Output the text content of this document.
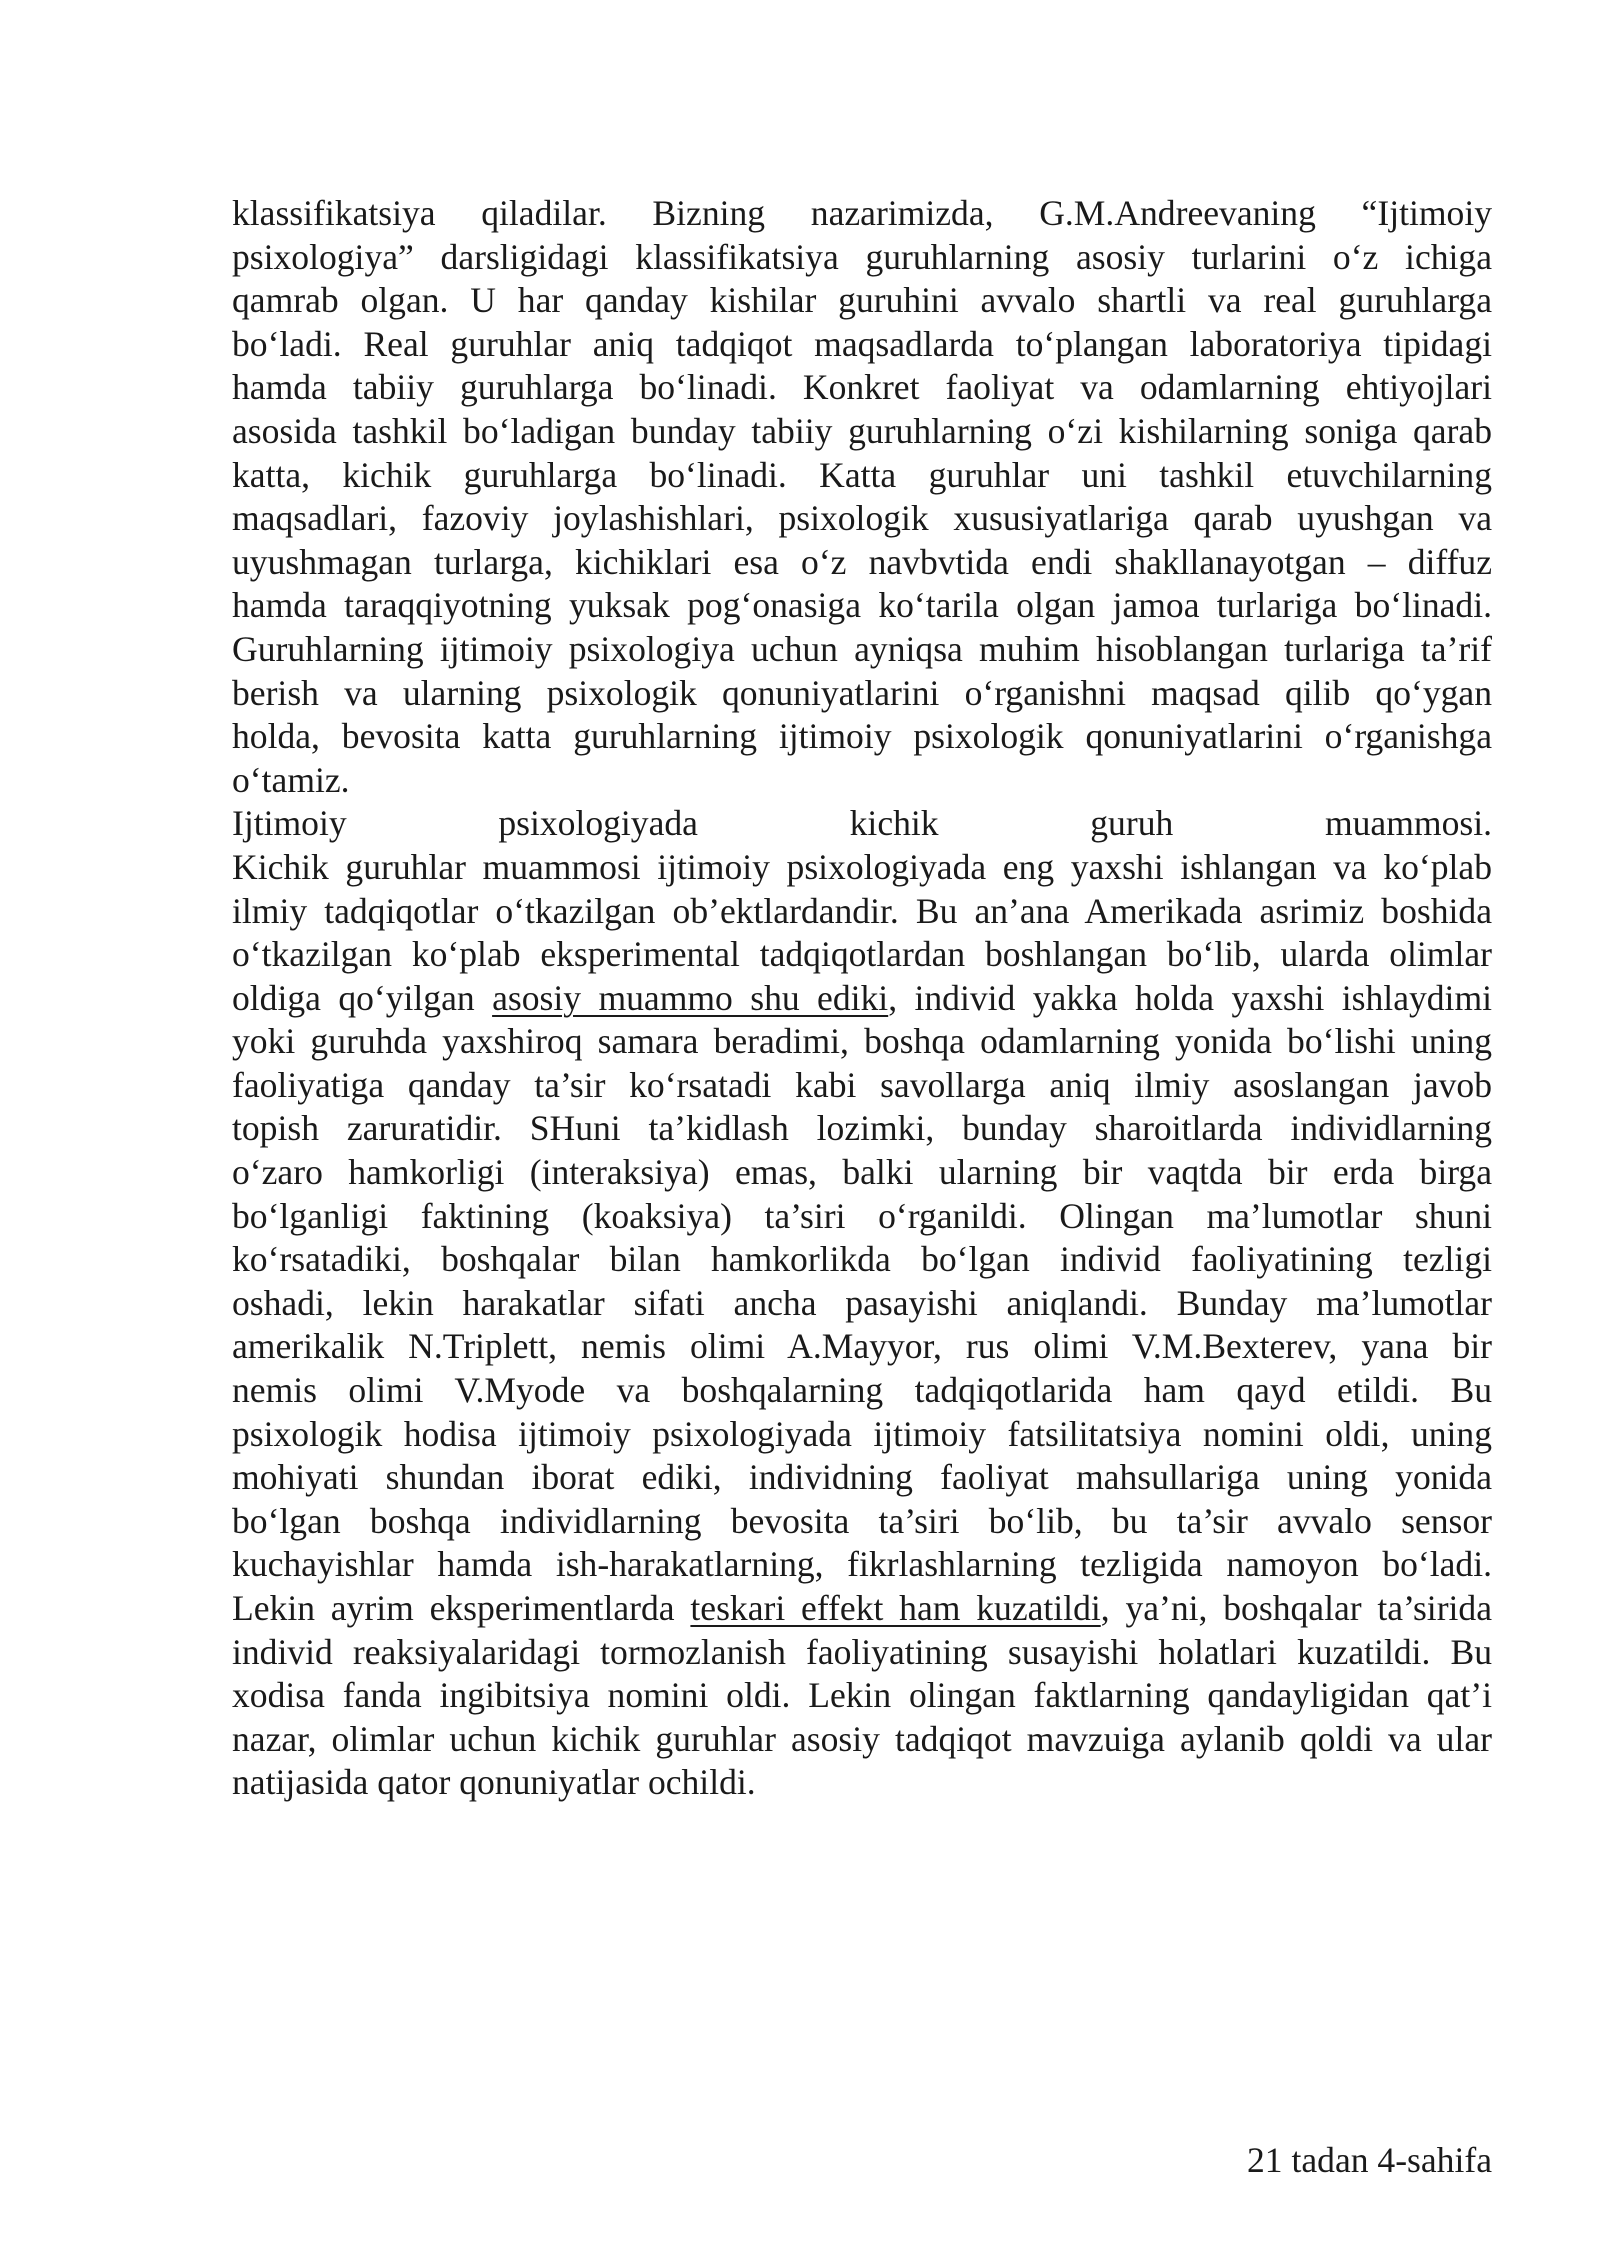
klassifikatsiya qiladilar. Bizning nazarimizda, G.M.Andreevaning “Ijtimoiy
psixologiya” darsligidagi klassifikatsiya guruhlarning asosiy turlarini o‘z ichiga
qamrab olgan. U har qanday kishilar guruhini avvalo shartli va real guruhlarga
bo‘ladi. Real guruhlar aniq tadqiqot maqsadlarda to‘plangan laboratoriya tipidagi
hamda tabiiy guruhlarga bo‘linadi. Konkret faoliyat va odamlarning ehtiyojlari
asosida tashkil bo‘ladigan bunday tabiiy guruhlarning o‘zi kishilarning soniga qarab
katta, kichik guruhlarga bo‘linadi. Katta guruhlar uni tashkil etuvchilarning
maqsadlari, fazoviy joylashishlari, psixologik xususiyatlariga qarab uyushgan va
uyushmagan turlarga, kichiklari esa o‘z navbvtida endi shakllanayotgan – diffuz
hamda taraqqiyotning yuksak pog‘onasiga ko‘tarila olgan jamoa turlariga bo‘linadi.
Guruhlarning ijtimoiy psixologiya uchun ayniqsa muhim hisoblangan turlariga ta’rif
berish va ularning psixologik qonuniyatlarini o‘rganishni maqsad qilib qo‘ygan
holda, bevosita katta guruhlarning ijtimoiy psixologik qonuniyatlarini o‘rganishga
o‘tamiz.
Ijtimoiy psixologiyada kichik guruh muammosi.
Kichik guruhlar muammosi ijtimoiy psixologiyada eng yaxshi ishlangan va ko‘plab
ilmiy tadqiqotlar o‘tkazilgan ob’ektlardandir. Bu an’ana Amerikada asrimiz boshida
o‘tkazilgan ko‘plab eksperimental tadqiqotlardan boshlangan bo‘lib, ularda olimlar
oldiga qo‘yilgan asosiy muammo shu ediki, individ yakka holda yaxshi ishlaydimi
yoki guruhda yaxshiroq samara beradimi, boshqa odamlarning yonida bo‘lishi uning
faoliyatiga qanday ta’sir ko‘rsatadi kabi savollarga aniq ilmiy asoslangan javob
topish zaruratidir. SHuni ta’kidlash lozimki, bunday sharoitlarda individlarning
o‘zaro hamkorligi (interaksiya) emas, balki ularning bir vaqtda bir erda birga
bo‘lganligi faktining (koaksiya) ta’siri o‘rganildi. Olingan ma’lumotlar shuni
ko‘rsatadiki, boshqalar bilan hamkorlikda bo‘lgan individ faoliyatining tezligi
oshadi, lekin harakatlar sifati ancha pasayishi aniqlandi. Bunday ma’lumotlar
amerikalik N.Triplett, nemis olimi A.Mayyor, rus olimi V.M.Bexterev, yana bir
nemis olimi V.Myode va boshqalarning tadqiqotlarida ham qayd etildi. Bu
psixologik hodisa ijtimoiy psixologiyada ijtimoiy fatsilitatsiya nomini oldi, uning
mohiyati shundan iborat ediki, individning faoliyat mahsullariga uning yonida
bo‘lgan boshqa individlarning bevosita ta’siri bo‘lib, bu ta’sir avvalo sensor
kuchayishlar hamda ish-harakatlarning, fikrlashlarning tezligida namoyon bo‘ladi.
Lekin ayrim eksperimentlarda teskari effekt ham kuzatildi, ya’ni, boshqalar ta’sirida
individ reaksiyalaridagi tormozlanish faoliyatining susayishi holatlari kuzatildi. Bu
xodisa fanda ingibitsiya nomini oldi. Lekin olingan faktlarning qandayligidan qat’i
nazar, olimlar uchun kichik guruhlar asosiy tadqiqot mavzuiga aylanib qoldi va ular
natijasida qator qonuniyatlar ochildi.
21 tadan 4-sahifa
